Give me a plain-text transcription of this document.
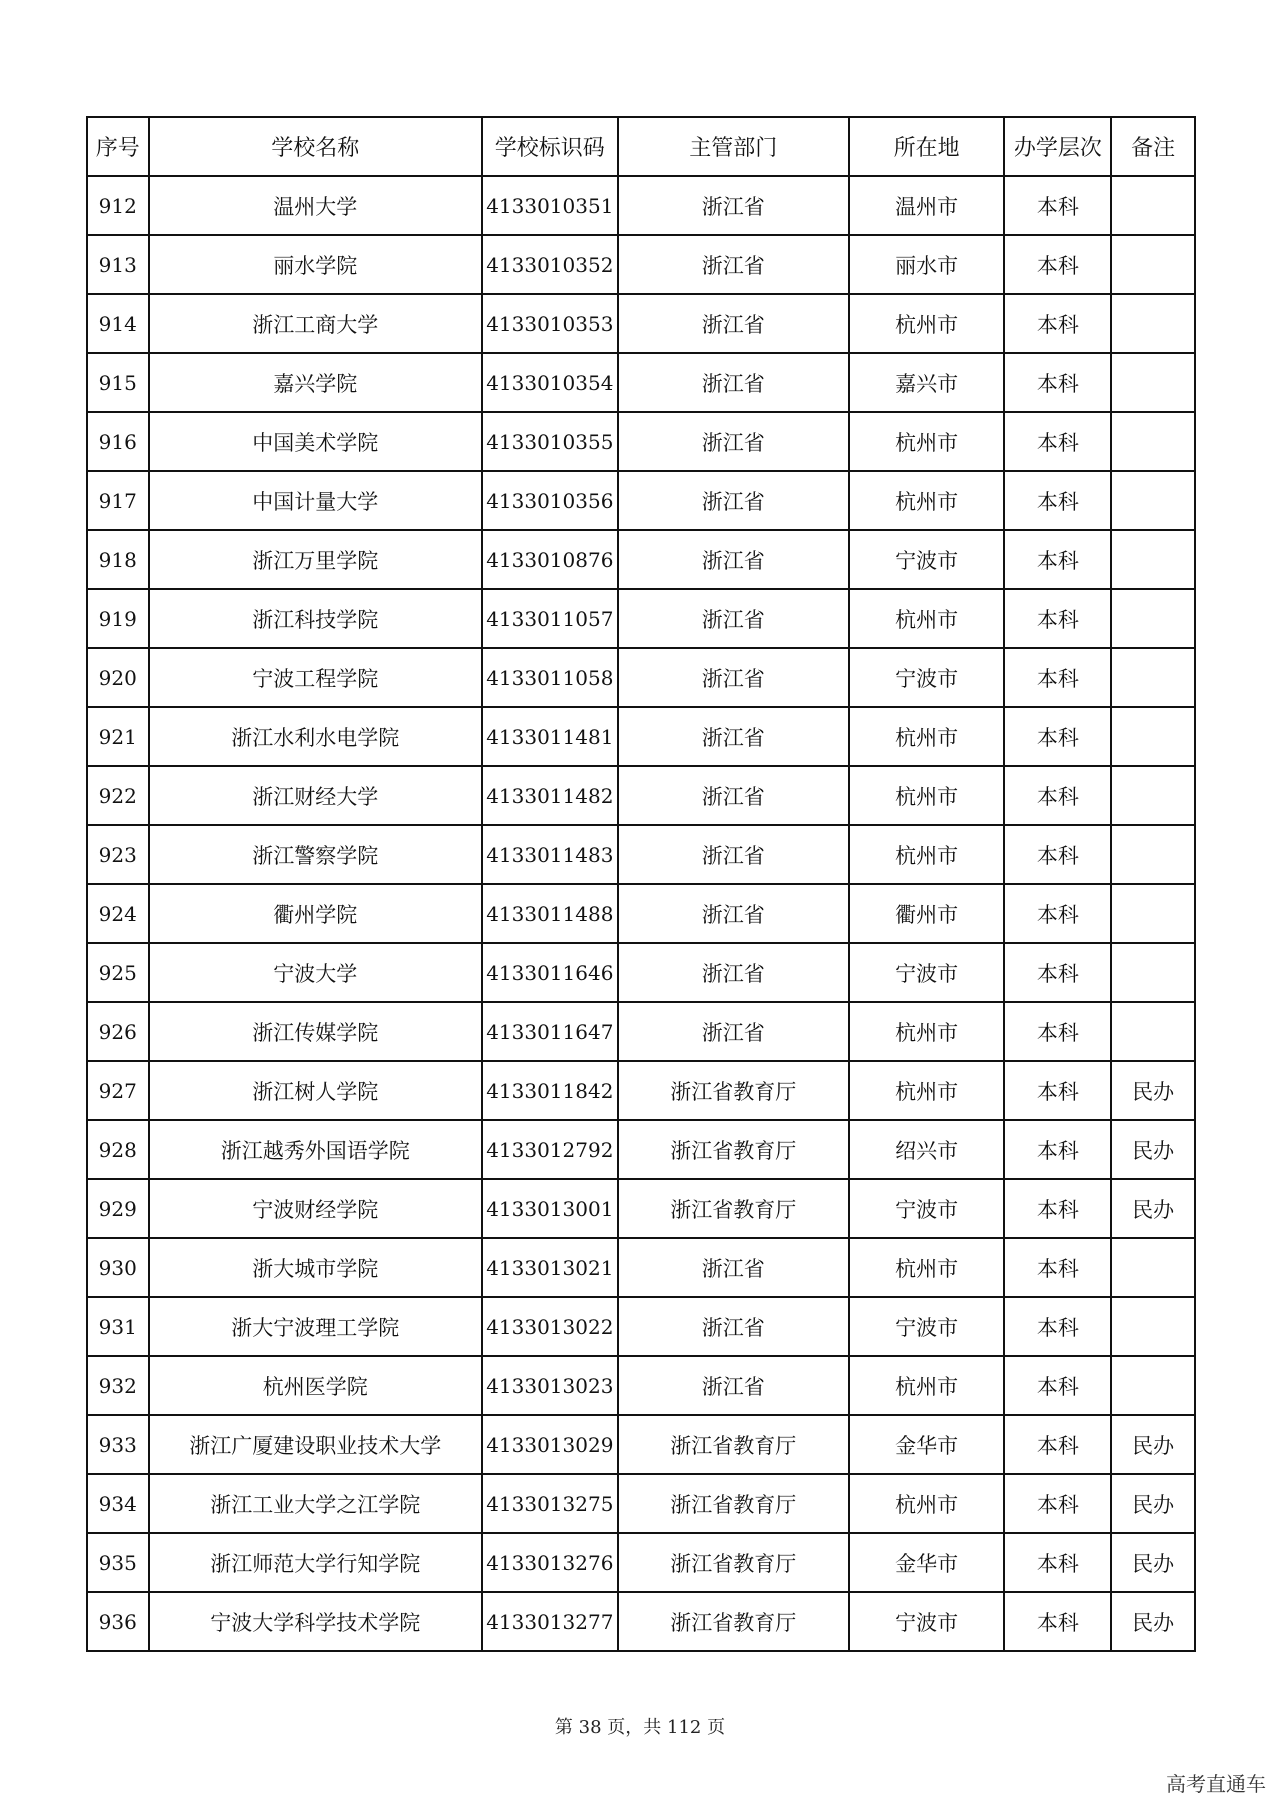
序号	学校名称	学校标识码	主管部门	所在地	办学层次	备注
912	温州大学	4133010351	浙江省	温州市	本科	
913	丽水学院	4133010352	浙江省	丽水市	本科	
914	浙江工商大学	4133010353	浙江省	杭州市	本科	
915	嘉兴学院	4133010354	浙江省	嘉兴市	本科	
916	中国美术学院	4133010355	浙江省	杭州市	本科	
917	中国计量大学	4133010356	浙江省	杭州市	本科	
918	浙江万里学院	4133010876	浙江省	宁波市	本科	
919	浙江科技学院	4133011057	浙江省	杭州市	本科	
920	宁波工程学院	4133011058	浙江省	宁波市	本科	
921	浙江水利水电学院	4133011481	浙江省	杭州市	本科	
922	浙江财经大学	4133011482	浙江省	杭州市	本科	
923	浙江警察学院	4133011483	浙江省	杭州市	本科	
924	衢州学院	4133011488	浙江省	衢州市	本科	
925	宁波大学	4133011646	浙江省	宁波市	本科	
926	浙江传媒学院	4133011647	浙江省	杭州市	本科	
927	浙江树人学院	4133011842	浙江省教育厅	杭州市	本科	民办
928	浙江越秀外国语学院	4133012792	浙江省教育厅	绍兴市	本科	民办
929	宁波财经学院	4133013001	浙江省教育厅	宁波市	本科	民办
930	浙大城市学院	4133013021	浙江省	杭州市	本科	
931	浙大宁波理工学院	4133013022	浙江省	宁波市	本科	
932	杭州医学院	4133013023	浙江省	杭州市	本科	
933	浙江广厦建设职业技术大学	4133013029	浙江省教育厅	金华市	本科	民办
934	浙江工业大学之江学院	4133013275	浙江省教育厅	杭州市	本科	民办
935	浙江师范大学行知学院	4133013276	浙江省教育厅	金华市	本科	民办
936	宁波大学科学技术学院	4133013277	浙江省教育厅	宁波市	本科	民办
第 38 页，共 112 页
高考直通车
